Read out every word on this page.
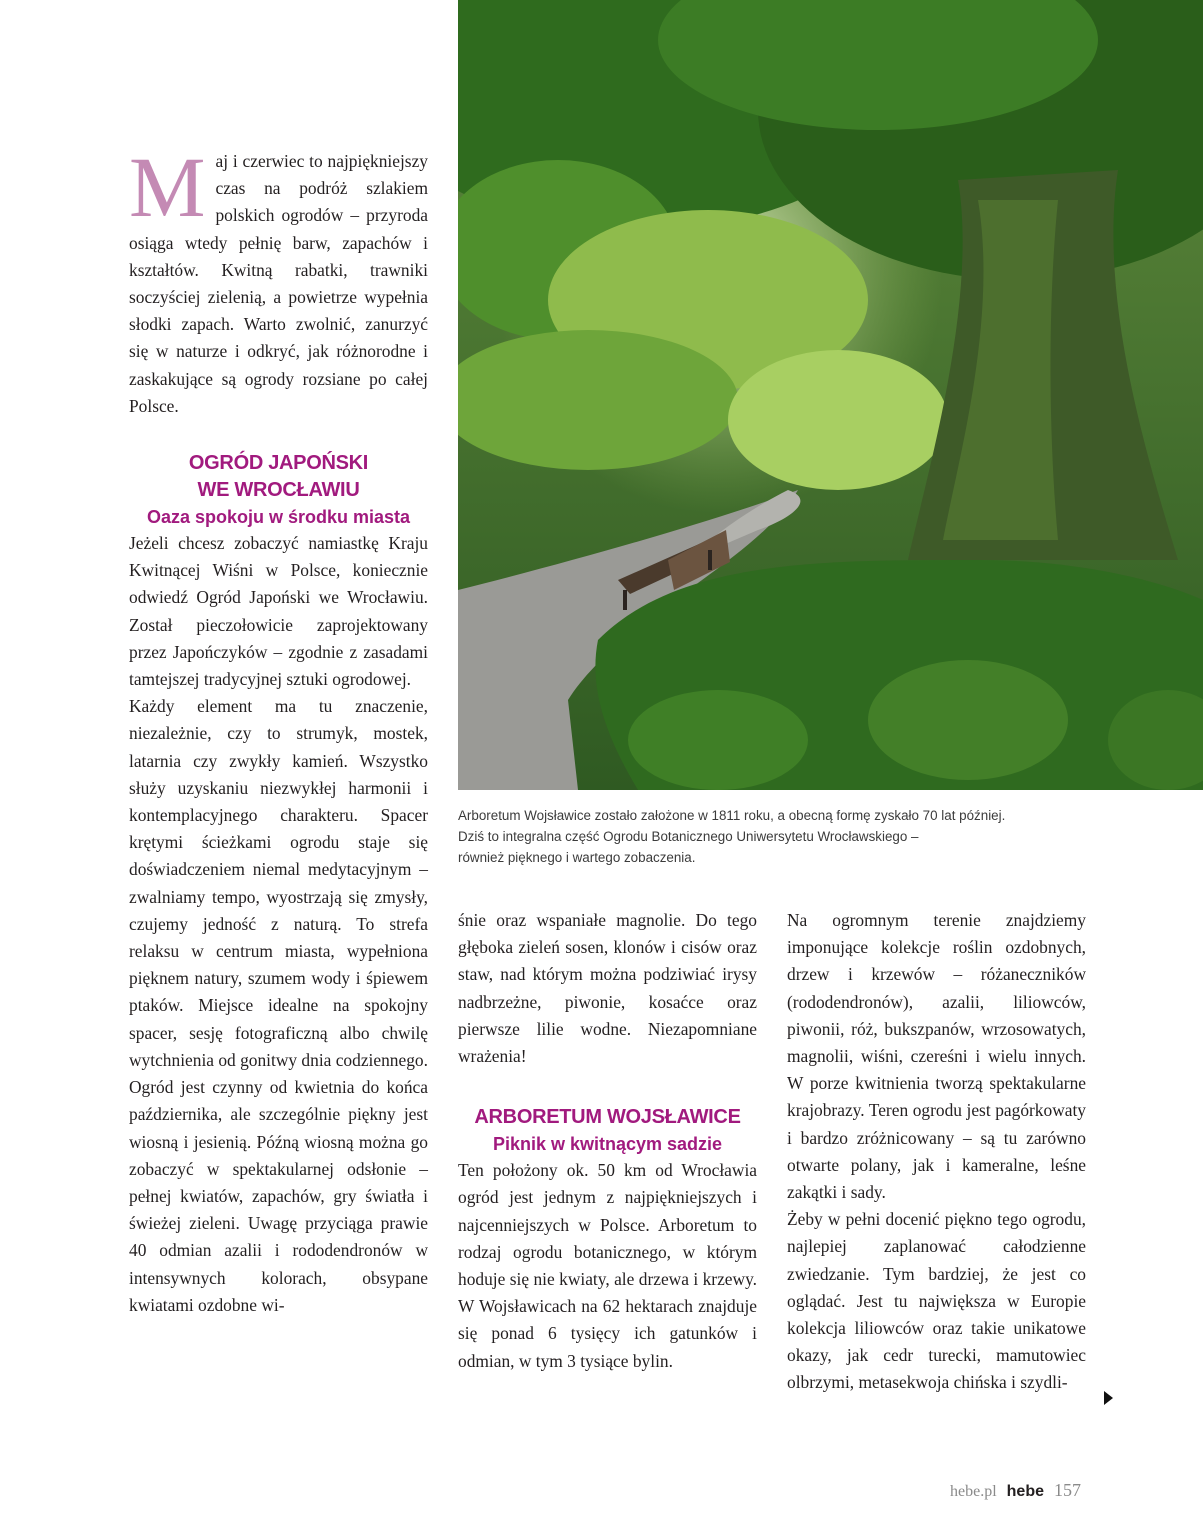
Maj i czerwiec to najpiękniejszy czas na podróż szlakiem polskich ogrodów – przyroda osiąga wtedy pełnię barw, zapachów i kształtów. Kwitną rabatki, trawniki soczyściej zielenią, a powietrze wypełnia słodki zapach. Warto zwolnić, zanurzyć się w naturze i odkryć, jak różnorodne i zaskakujące są ogrody rozsiane po całej Polsce.

OGRÓD JAPOŃSKI
WE WROCŁAWIU
Oaza spokoju w środku miasta

Jeżeli chcesz zobaczyć namiastkę Kraju Kwitnącej Wiśni w Polsce, koniecznie odwiedź Ogród Japoński we Wrocławiu. Został pieczołowicie zaprojektowany przez Japończyków – zgodnie z zasadami tamtejszej tradycyjnej sztuki ogrodowej.

Każdy element ma tu znaczenie, niezależnie, czy to strumyk, mostek, latarnia czy zwykły kamień. Wszystko służy uzyskaniu niezwykłej harmonii i kontemplacyjnego charakteru. Spacer krętymi ścieżkami ogrodu staje się doświadczeniem niemal medytacyjnym – zwalniamy tempo, wyostrzają się zmysły, czujemy jedność z naturą. To strefa relaksu w centrum miasta, wypełniona pięknem natury, szumem wody i śpiewem ptaków. Miejsce idealne na spokojny spacer, sesję fotograficzną albo chwilę wytchnienia od gonitwy dnia codziennego.

Ogród jest czynny od kwietnia do końca października, ale szczególnie piękny jest wiosną i jesienią. Późną wiosną można go zobaczyć w spektakularnej odsłonie – pełnej kwiatów, zapachów, gry światła i świeżej zieleni. Uwagę przyciąga prawie 40 odmian azalii i rododendronów w intensywnych kolorach, obsypane kwiatami ozdobne wi-

Arboretum Wojsławice zostało założone w 1811 roku, a obecną formę zyskało 70 lat później.

Dziś to integralna część Ogrodu Botanicznego Uniwersytetu Wrocławskiego –

również pięknego i wartego zobaczenia.

śnie oraz wspaniałe magnolie. Do tego głęboka zieleń sosen, klonów i cisów oraz staw, nad którym można podziwiać irysy nadbrzeżne, piwonie, kosaćce oraz pierwsze lilie wodne. Niezapomniane wrażenia!

ARBORETUM WOJSŁAWICE
Piknik w kwitnącym sadzie

Ten położony ok. 50 km od Wrocławia ogród jest jednym z najpiękniejszych i najcenniejszych w Polsce. Arboretum to rodzaj ogrodu botanicznego, w którym hoduje się nie kwiaty, ale drzewa i krzewy. W Wojsławicach na 62 hektarach znajduje się ponad 6 tysięcy ich gatunków i odmian, w tym 3 tysiące bylin.

Na ogromnym terenie znajdziemy imponujące kolekcje roślin ozdobnych, drzew i krzewów – różaneczników (rododendronów), azalii, liliowców, piwonii, róż, bukszpanów, wrzosowatych, magnolii, wiśni, czereśni i wielu innych. W porze kwitnienia tworzą spektakularne krajobrazy. Teren ogrodu jest pagórkowaty i bardzo zróżnicowany – są tu zarówno otwarte polany, jak i kameralne, leśne zakątki i sady.

Żeby w pełni docenić piękno tego ogrodu, najlepiej zaplanować całodzienne zwiedzanie. Tym bardziej, że jest co oglądać. Jest tu największa w Europie kolekcja liliowców oraz takie unikatowe okazy, jak cedr turecki, mamutowiec olbrzymi, metasekwoja chińska i szydli-

hebe.pl hebe 157
